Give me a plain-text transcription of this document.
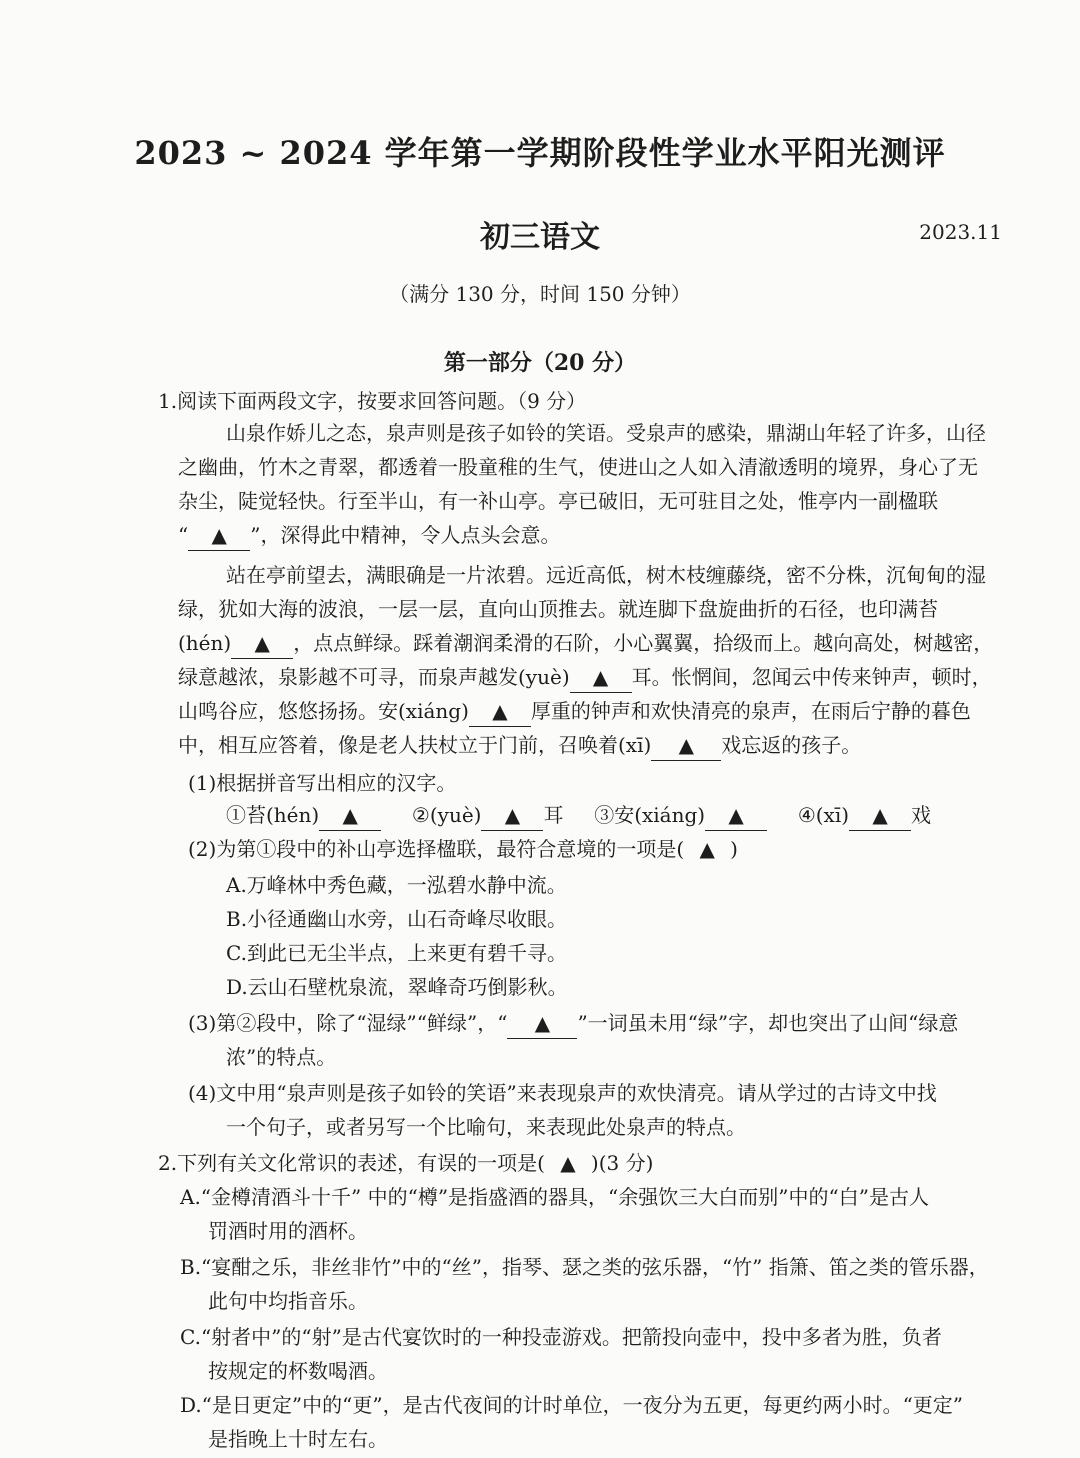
2023 ~ 2024 学年第一学期阶段性学业水平阳光测评
初三语文	2023.11
（满分 130 分，时间 150 分钟）
第一部分（20 分）
1.阅读下面两段文字，按要求回答问题。（9 分）
山泉作娇儿之态，泉声则是孩子如铃的笑语。受泉声的感染，鼎湖山年轻了许多，山径
之幽曲，竹木之青翠，都透着一股童稚的生气，使进山之人如入清澈透明的境界，身心了无
杂尘，陡觉轻快。行至半山，有一补山亭。亭已破旧，无可驻目之处，惟亭内一副楹联
“ ▲ ”，深得此中精神，令人点头会意。
站在亭前望去，满眼确是一片浓碧。远近高低，树木枝缠藤绕，密不分株，沉甸甸的湿
绿，犹如大海的波浪，一层一层，直向山顶推去。就连脚下盘旋曲折的石径，也印满苔
(hén) ▲ ，点点鲜绿。踩着潮润柔滑的石阶，小心翼翼，拾级而上。越向高处，树越密，
绿意越浓，泉影越不可寻，而泉声越发(yuè) ▲ 耳。怅惘间，忽闻云中传来钟声，顿时，
山鸣谷应，悠悠扬扬。安(xiáng) ▲ 厚重的钟声和欢快清亮的泉声，在雨后宁静的暮色
中，相互应答着，像是老人扶杖立于门前，召唤着(xī) ▲ 戏忘返的孩子。
(1)根据拼音写出相应的汉字。
①苔(hén) ▲	②(yuè) ▲ 耳 ③安(xiáng) ▲	④(xī) ▲ 戏
(2)为第①段中的补山亭选择楹联，最符合意境的一项是( ▲ )
A.万峰林中秀色藏，一泓碧水静中流。
B.小径通幽山水旁，山石奇峰尽收眼。
C.到此已无尘半点，上来更有碧千寻。
D.云山石壁枕泉流，翠峰奇巧倒影秋。
(3)第②段中，除了“湿绿”“鲜绿”，“ ▲ ”一词虽未用“绿”字，却也突出了山间“绿意
浓”的特点。
(4)文中用“泉声则是孩子如铃的笑语”来表现泉声的欢快清亮。请从学过的古诗文中找
一个句子，或者另写一个比喻句，来表现此处泉声的特点。
2.下列有关文化常识的表述，有误的一项是( ▲ )(3 分)
A.“金樽清酒斗十千” 中的“樽”是指盛酒的器具，“余强饮三大白而别”中的“白”是古人
罚酒时用的酒杯。
B.“宴酣之乐，非丝非竹”中的“丝”，指琴、瑟之类的弦乐器，“竹” 指箫、笛之类的管乐器，
此句中均指音乐。
C.“射者中”的“射”是古代宴饮时的一种投壶游戏。把箭投向壶中，投中多者为胜，负者
按规定的杯数喝酒。
D.“是日更定”中的“更”，是古代夜间的计时单位，一夜分为五更，每更约两小时。“更定”
是指晚上十时左右。
